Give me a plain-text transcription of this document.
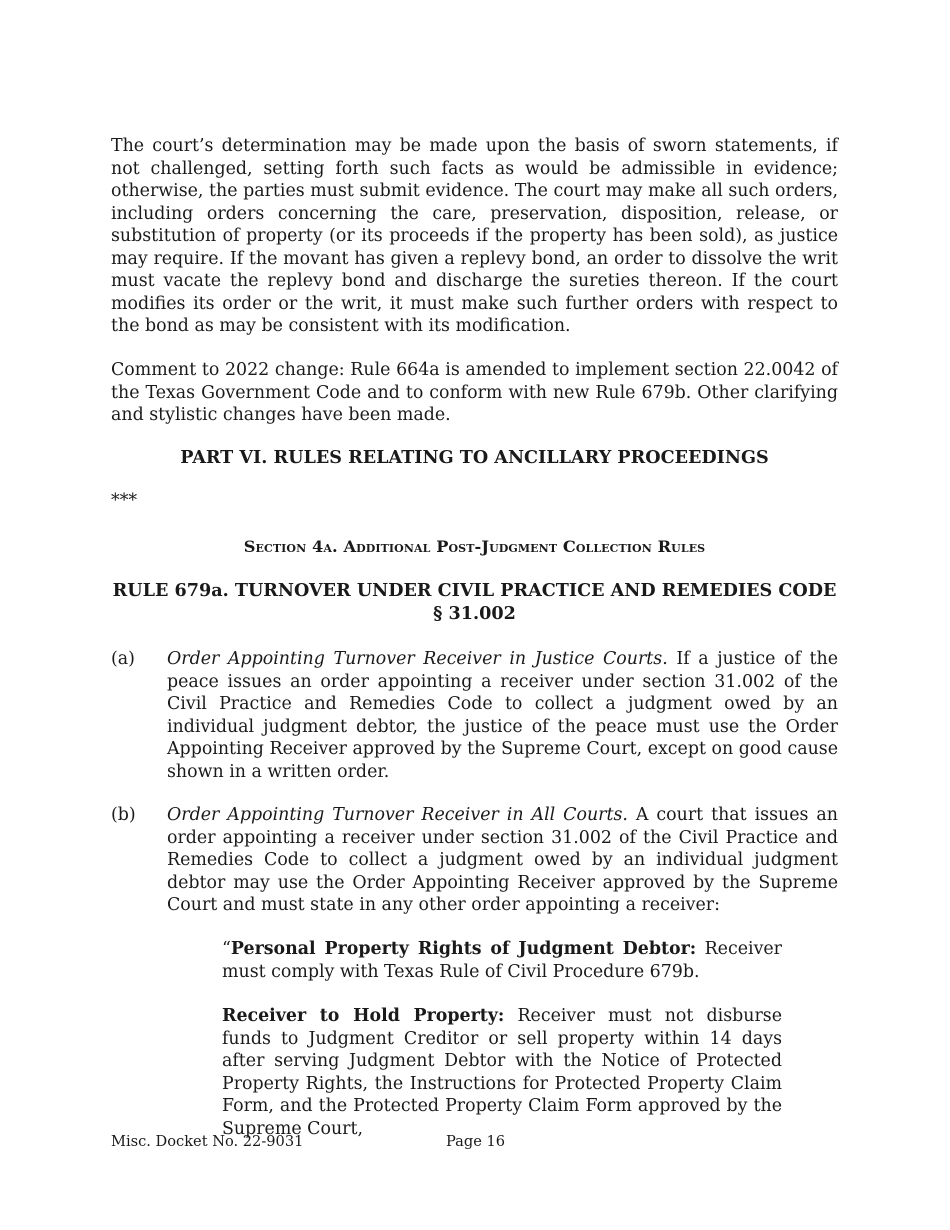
The court’s determination may be made upon the basis of sworn statements, if not challenged, setting forth such facts as would be admissible in evidence; otherwise, the parties must submit evidence. The court may make all such orders, including orders concerning the care, preservation, disposition, release, or substitution of property (or its proceeds if the property has been sold), as justice may require. If the movant has given a replevy bond, an order to dissolve the writ must vacate the replevy bond and discharge the sureties thereon. If the court modifies its order or the writ, it must make such further orders with respect to the bond as may be consistent with its modification.
Comment to 2022 change: Rule 664a is amended to implement section 22.0042 of the Texas Government Code and to conform with new Rule 679b. Other clarifying and stylistic changes have been made.
PART VI. RULES RELATING TO ANCILLARY PROCEEDINGS
***
Section 4a. Additional Post-Judgment Collection Rules
RULE 679a. TURNOVER UNDER CIVIL PRACTICE AND REMEDIES CODE § 31.002
(a) Order Appointing Turnover Receiver in Justice Courts. If a justice of the peace issues an order appointing a receiver under section 31.002 of the Civil Practice and Remedies Code to collect a judgment owed by an individual judgment debtor, the justice of the peace must use the Order Appointing Receiver approved by the Supreme Court, except on good cause shown in a written order.
(b) Order Appointing Turnover Receiver in All Courts. A court that issues an order appointing a receiver under section 31.002 of the Civil Practice and Remedies Code to collect a judgment owed by an individual judgment debtor may use the Order Appointing Receiver approved by the Supreme Court and must state in any other order appointing a receiver:
“Personal Property Rights of Judgment Debtor: Receiver must comply with Texas Rule of Civil Procedure 679b.
Receiver to Hold Property: Receiver must not disburse funds to Judgment Creditor or sell property within 14 days after serving Judgment Debtor with the Notice of Protected Property Rights, the Instructions for Protected Property Claim Form, and the Protected Property Claim Form approved by the Supreme Court,
Misc. Docket No. 22-9031	Page 16
